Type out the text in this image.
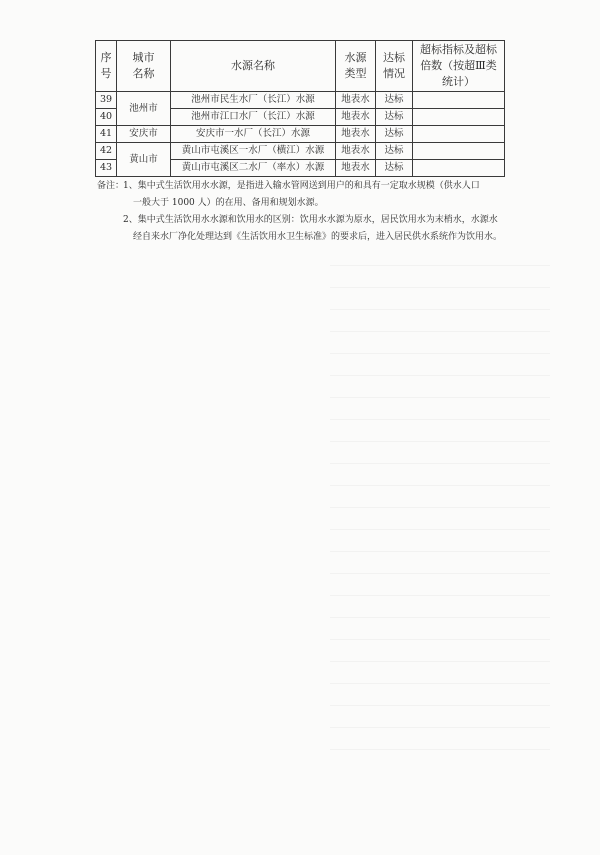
序号	城市名称	水源名称	水源类型	达标情况	超标指标及超标倍数（按超Ⅲ类统计）
39	池州市	池州市民生水厂（长江）水源	地表水	达标	
40		池州市江口水厂（长江）水源	地表水	达标	
41	安庆市	安庆市一水厂（长江）水源	地表水	达标	
42	黄山市	黄山市屯溪区一水厂（横江）水源	地表水	达标	
43		黄山市屯溪区二水厂（率水）水源	地表水	达标	
备注：
1、集中式生活饮用水水源，是指进入输水管网送到用户的和具有一定取水规模（供水人口
一般大于 1000 人）的在用、备用和规划水源。
2、集中式生活饮用水水源和饮用水的区别：饮用水水源为原水，居民饮用水为末梢水，水源水
经自来水厂净化处理达到《生活饮用水卫生标准》的要求后，进入居民供水系统作为饮用水。
